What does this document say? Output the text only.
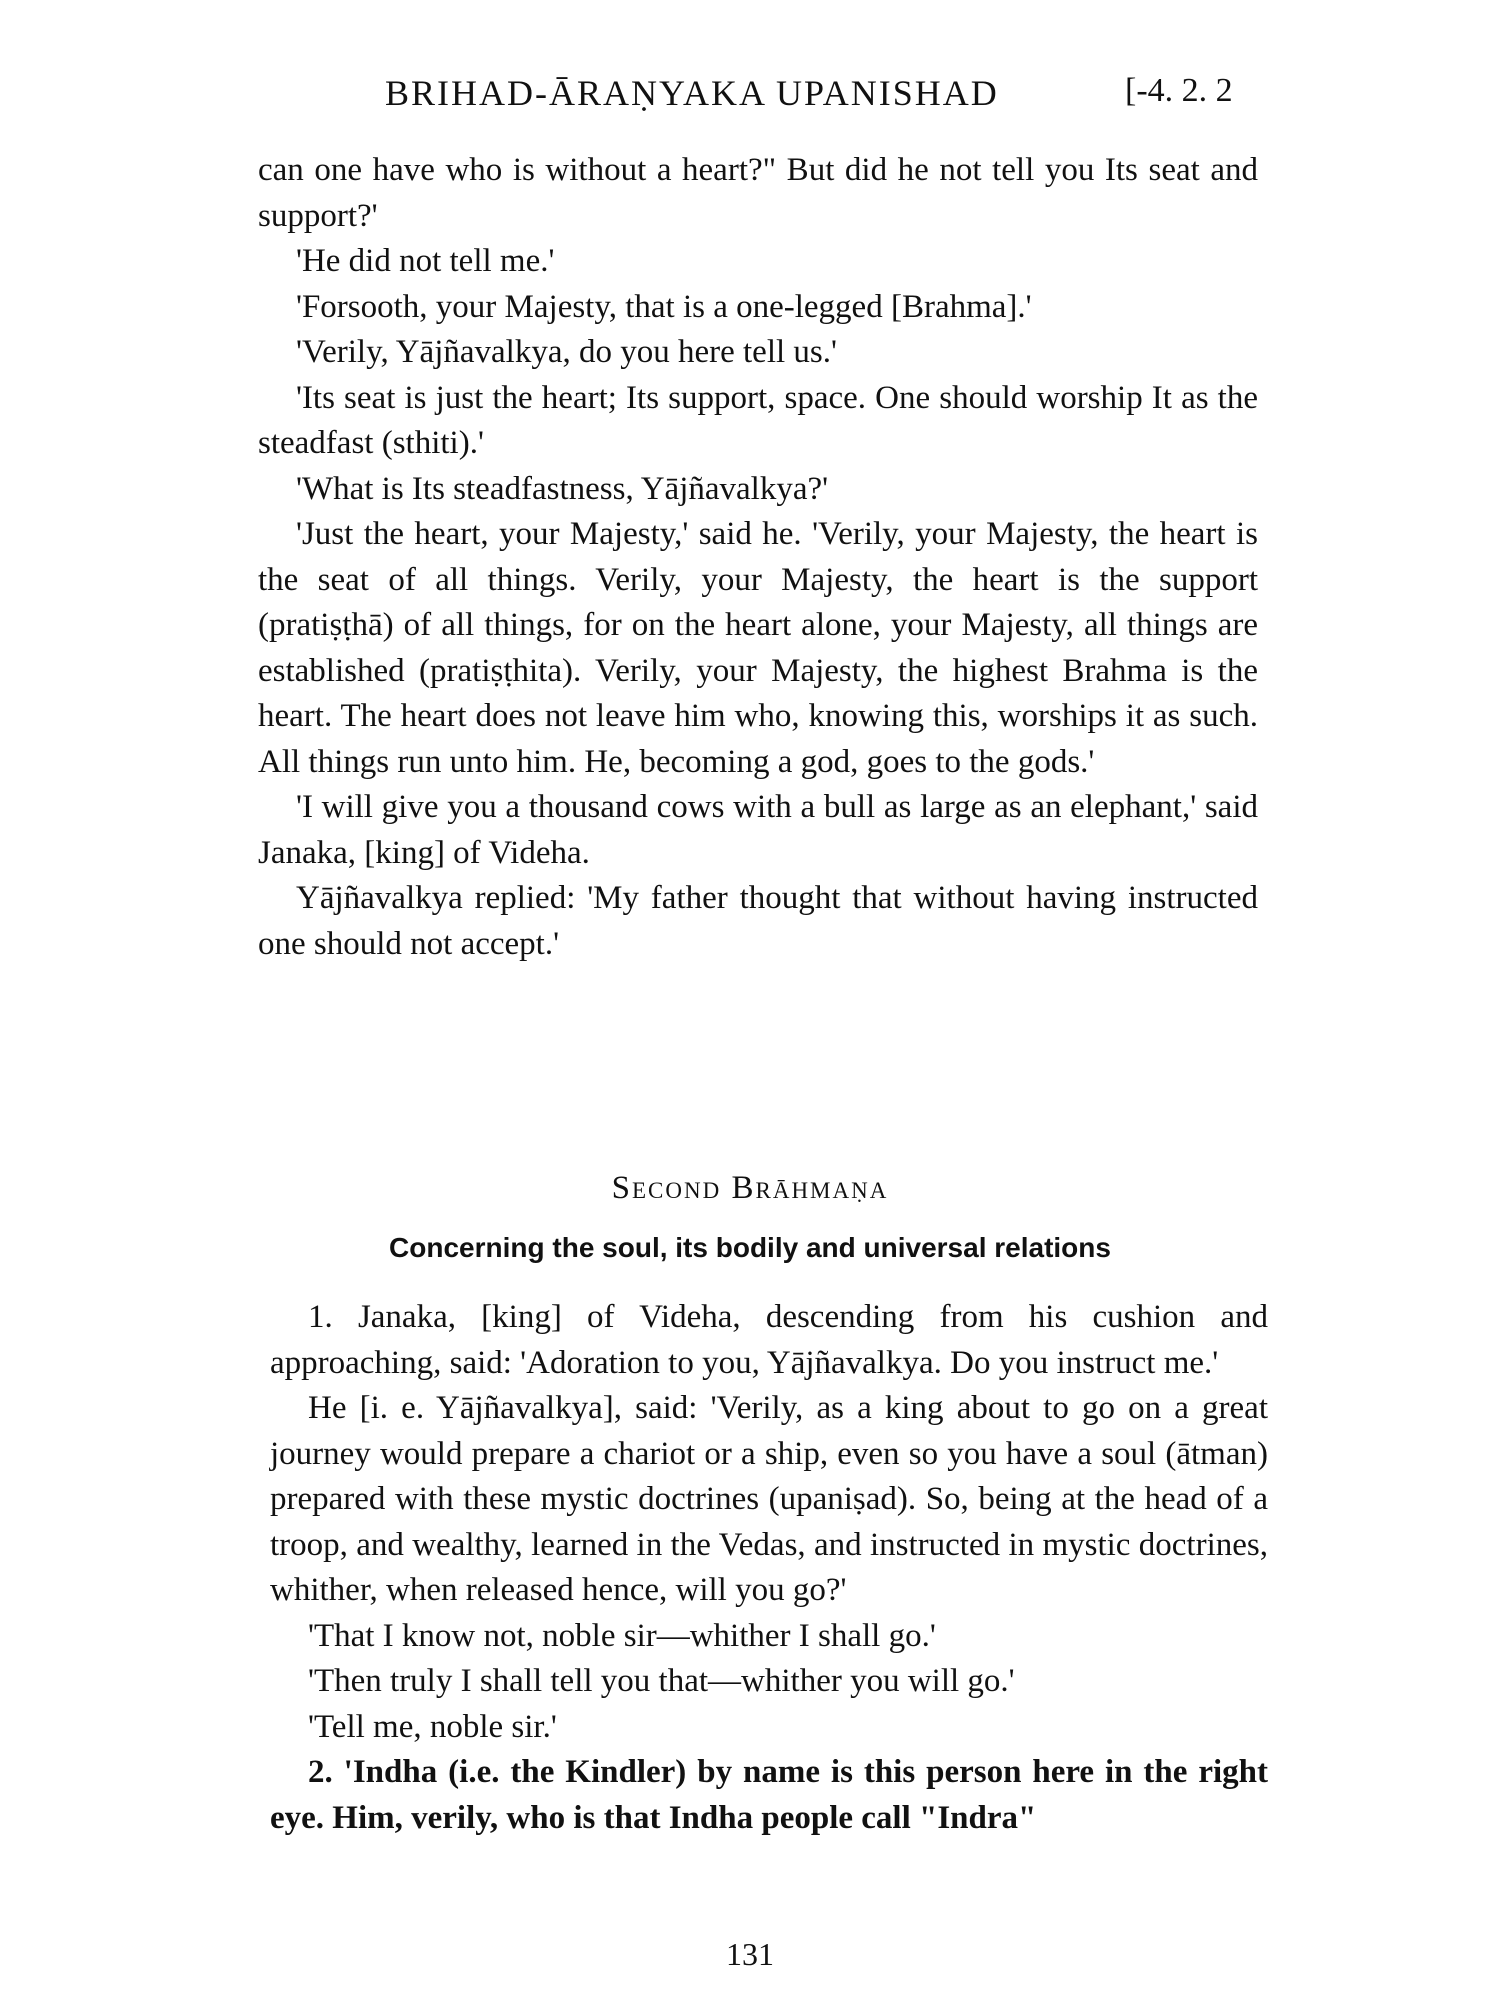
BRIHAD-ĀRAṆYAKA UPANISHAD	[-4. 2. 2

can one have who is without a heart?" But did he not tell you Its seat and support?'

'He did not tell me.'

'Forsooth, your Majesty, that is a one-legged [Brahma].'

'Verily, Yājñavalkya, do you here tell us.'

'Its seat is just the heart; Its support, space. One should worship It as the steadfast (sthiti).'

'What is Its steadfastness, Yājñavalkya?'

'Just the heart, your Majesty,' said he. 'Verily, your Majesty, the heart is the seat of all things. Verily, your Majesty, the heart is the support (pratiṣṭhā) of all things, for on the heart alone, your Majesty, all things are established (pratiṣṭhita). Verily, your Majesty, the highest Brahma is the heart. The heart does not leave him who, knowing this, worships it as such. All things run unto him. He, becoming a god, goes to the gods.'

'I will give you a thousand cows with a bull as large as an elephant,' said Janaka, [king] of Videha.

Yājñavalkya replied: 'My father thought that without having instructed one should not accept.'

Second Brāhmaṇa
Concerning the soul, its bodily and universal relations

1. Janaka, [king] of Videha, descending from his cushion and approaching, said: 'Adoration to you, Yājñavalkya. Do you instruct me.'

He [i. e. Yājñavalkya], said: 'Verily, as a king about to go on a great journey would prepare a chariot or a ship, even so you have a soul (ātman) prepared with these mystic doctrines (upaniṣad). So, being at the head of a troop, and wealthy, learned in the Vedas, and instructed in mystic doctrines, whither, when released hence, will you go?'

'That I know not, noble sir—whither I shall go.'

'Then truly I shall tell you that—whither you will go.'

'Tell me, noble sir.'

2. 'Indha (i.e. the Kindler) by name is this person here in the right eye. Him, verily, who is that Indha people call "Indra"

131
